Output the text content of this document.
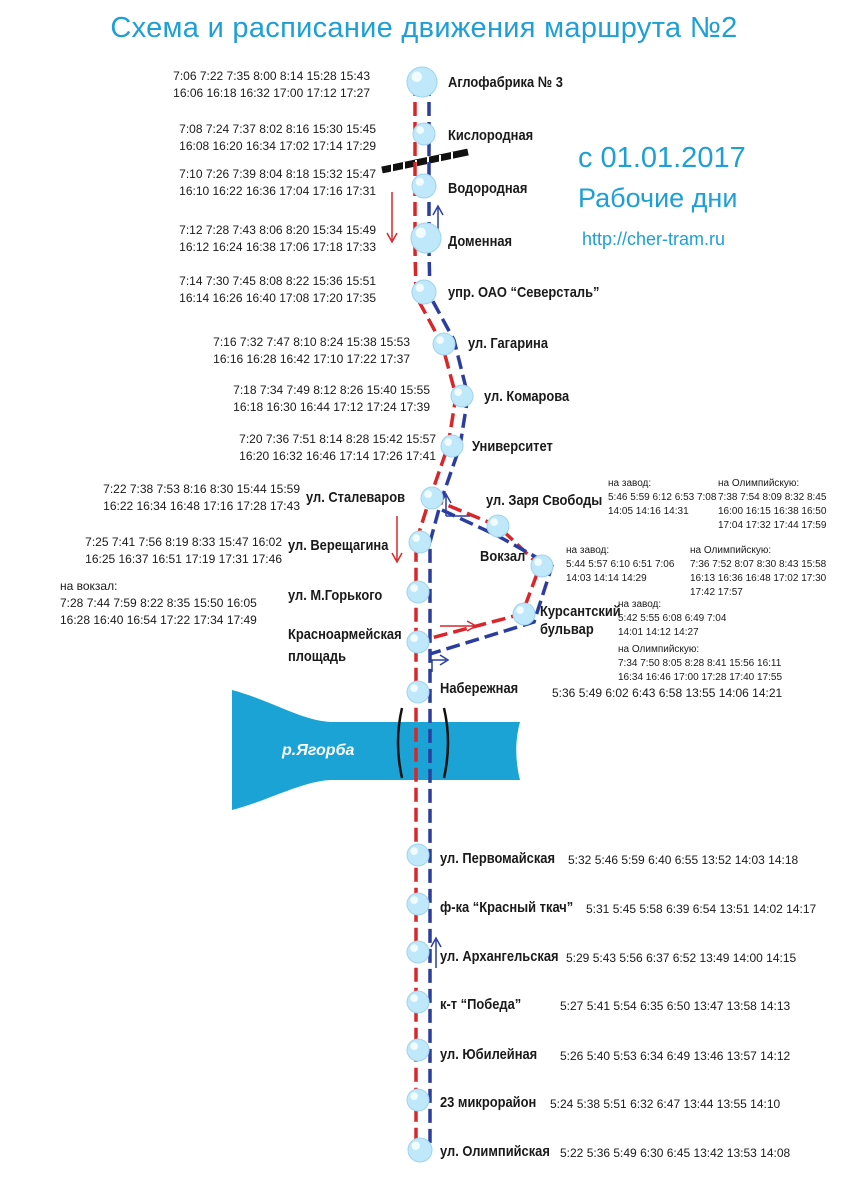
Схема и расписание движения маршрута №2
с 01.01.2017
Рабочие дни
http://cher-tram.ru
р.Ягорба
Аглофабрика № 3
Кислородная
Водородная
Доменная
упр. ОАО “Северсталь”
ул. Гагарина
ул. Комарова
Университет
ул. Сталеваров
ул. Верещагина
ул. М.Горького
Красноармейская
площадь
Набережная
ул. Первомайская
ф-ка “Красный ткач”
ул. Архангельская
к-т “Победа”
ул. Юбилейная
23 микрорайон
ул. Олимпийская
ул. Заря Свободы
Вокзал
Курсантский
бульвар
7:06 7:22 7:35 8:00 8:14 15:28 15:43
16:06 16:18 16:32 17:00 17:12 17:27
7:08 7:24 7:37 8:02 8:16 15:30 15:45
16:08 16:20 16:34 17:02 17:14 17:29
7:10 7:26 7:39 8:04 8:18 15:32 15:47
16:10 16:22 16:36 17:04 17:16 17:31
7:12 7:28 7:43 8:06 8:20 15:34 15:49
16:12 16:24 16:38 17:06 17:18 17:33
7:14 7:30 7:45 8:08 8:22 15:36 15:51
16:14 16:26 16:40 17:08 17:20 17:35
7:16 7:32 7:47 8:10 8:24 15:38 15:53
16:16 16:28 16:42 17:10 17:22 17:37
7:18 7:34 7:49 8:12 8:26 15:40 15:55
16:18 16:30 16:44 17:12 17:24 17:39
7:20 7:36 7:51 8:14 8:28 15:42 15:57
16:20 16:32 16:46 17:14 17:26 17:41
7:22 7:38 7:53 8:16 8:30 15:44 15:59
16:22 16:34 16:48 17:16 17:28 17:43
7:25 7:41 7:56 8:19 8:33 15:47 16:02
16:25 16:37 16:51 17:19 17:31 17:46
на вокзал:
7:28 7:44 7:59 8:22 8:35 15:50 16:05
16:28 16:40 16:54 17:22 17:34 17:49
5:36 5:49 6:02 6:43 6:58 13:55 14:06 14:21
5:32 5:46 5:59 6:40 6:55 13:52 14:03 14:18
5:31 5:45 5:58 6:39 6:54 13:51 14:02 14:17
5:29 5:43 5:56 6:37 6:52 13:49 14:00 14:15
5:27 5:41 5:54 6:35 6:50 13:47 13:58 14:13
5:26 5:40 5:53 6:34 6:49 13:46 13:57 14:12
5:24 5:38 5:51 6:32 6:47 13:44 13:55 14:10
5:22 5:36 5:49 6:30 6:45 13:42 13:53 14:08
на завод:
5:46 5:59 6:12 6:53 7:08
14:05 14:16 14:31
на Олимпийскую:
7:38 7:54 8:09 8:32 8:45
16:00 16:15 16:38 16:50
17:04 17:32 17:44 17:59
на завод:
5:44 5:57 6:10 6:51 7:06
14:03 14:14 14:29
на Олимпийскую:
7:36 7:52 8:07 8:30 8:43 15:58
16:13 16:36 16:48 17:02 17:30
17:42 17:57
на завод:
5:42 5:55 6:08 6:49 7:04
14:01 14:12 14:27
на Олимпийскую:
7:34 7:50 8:05 8:28 8:41 15:56 16:11
16:34 16:46 17:00 17:28 17:40 17:55
